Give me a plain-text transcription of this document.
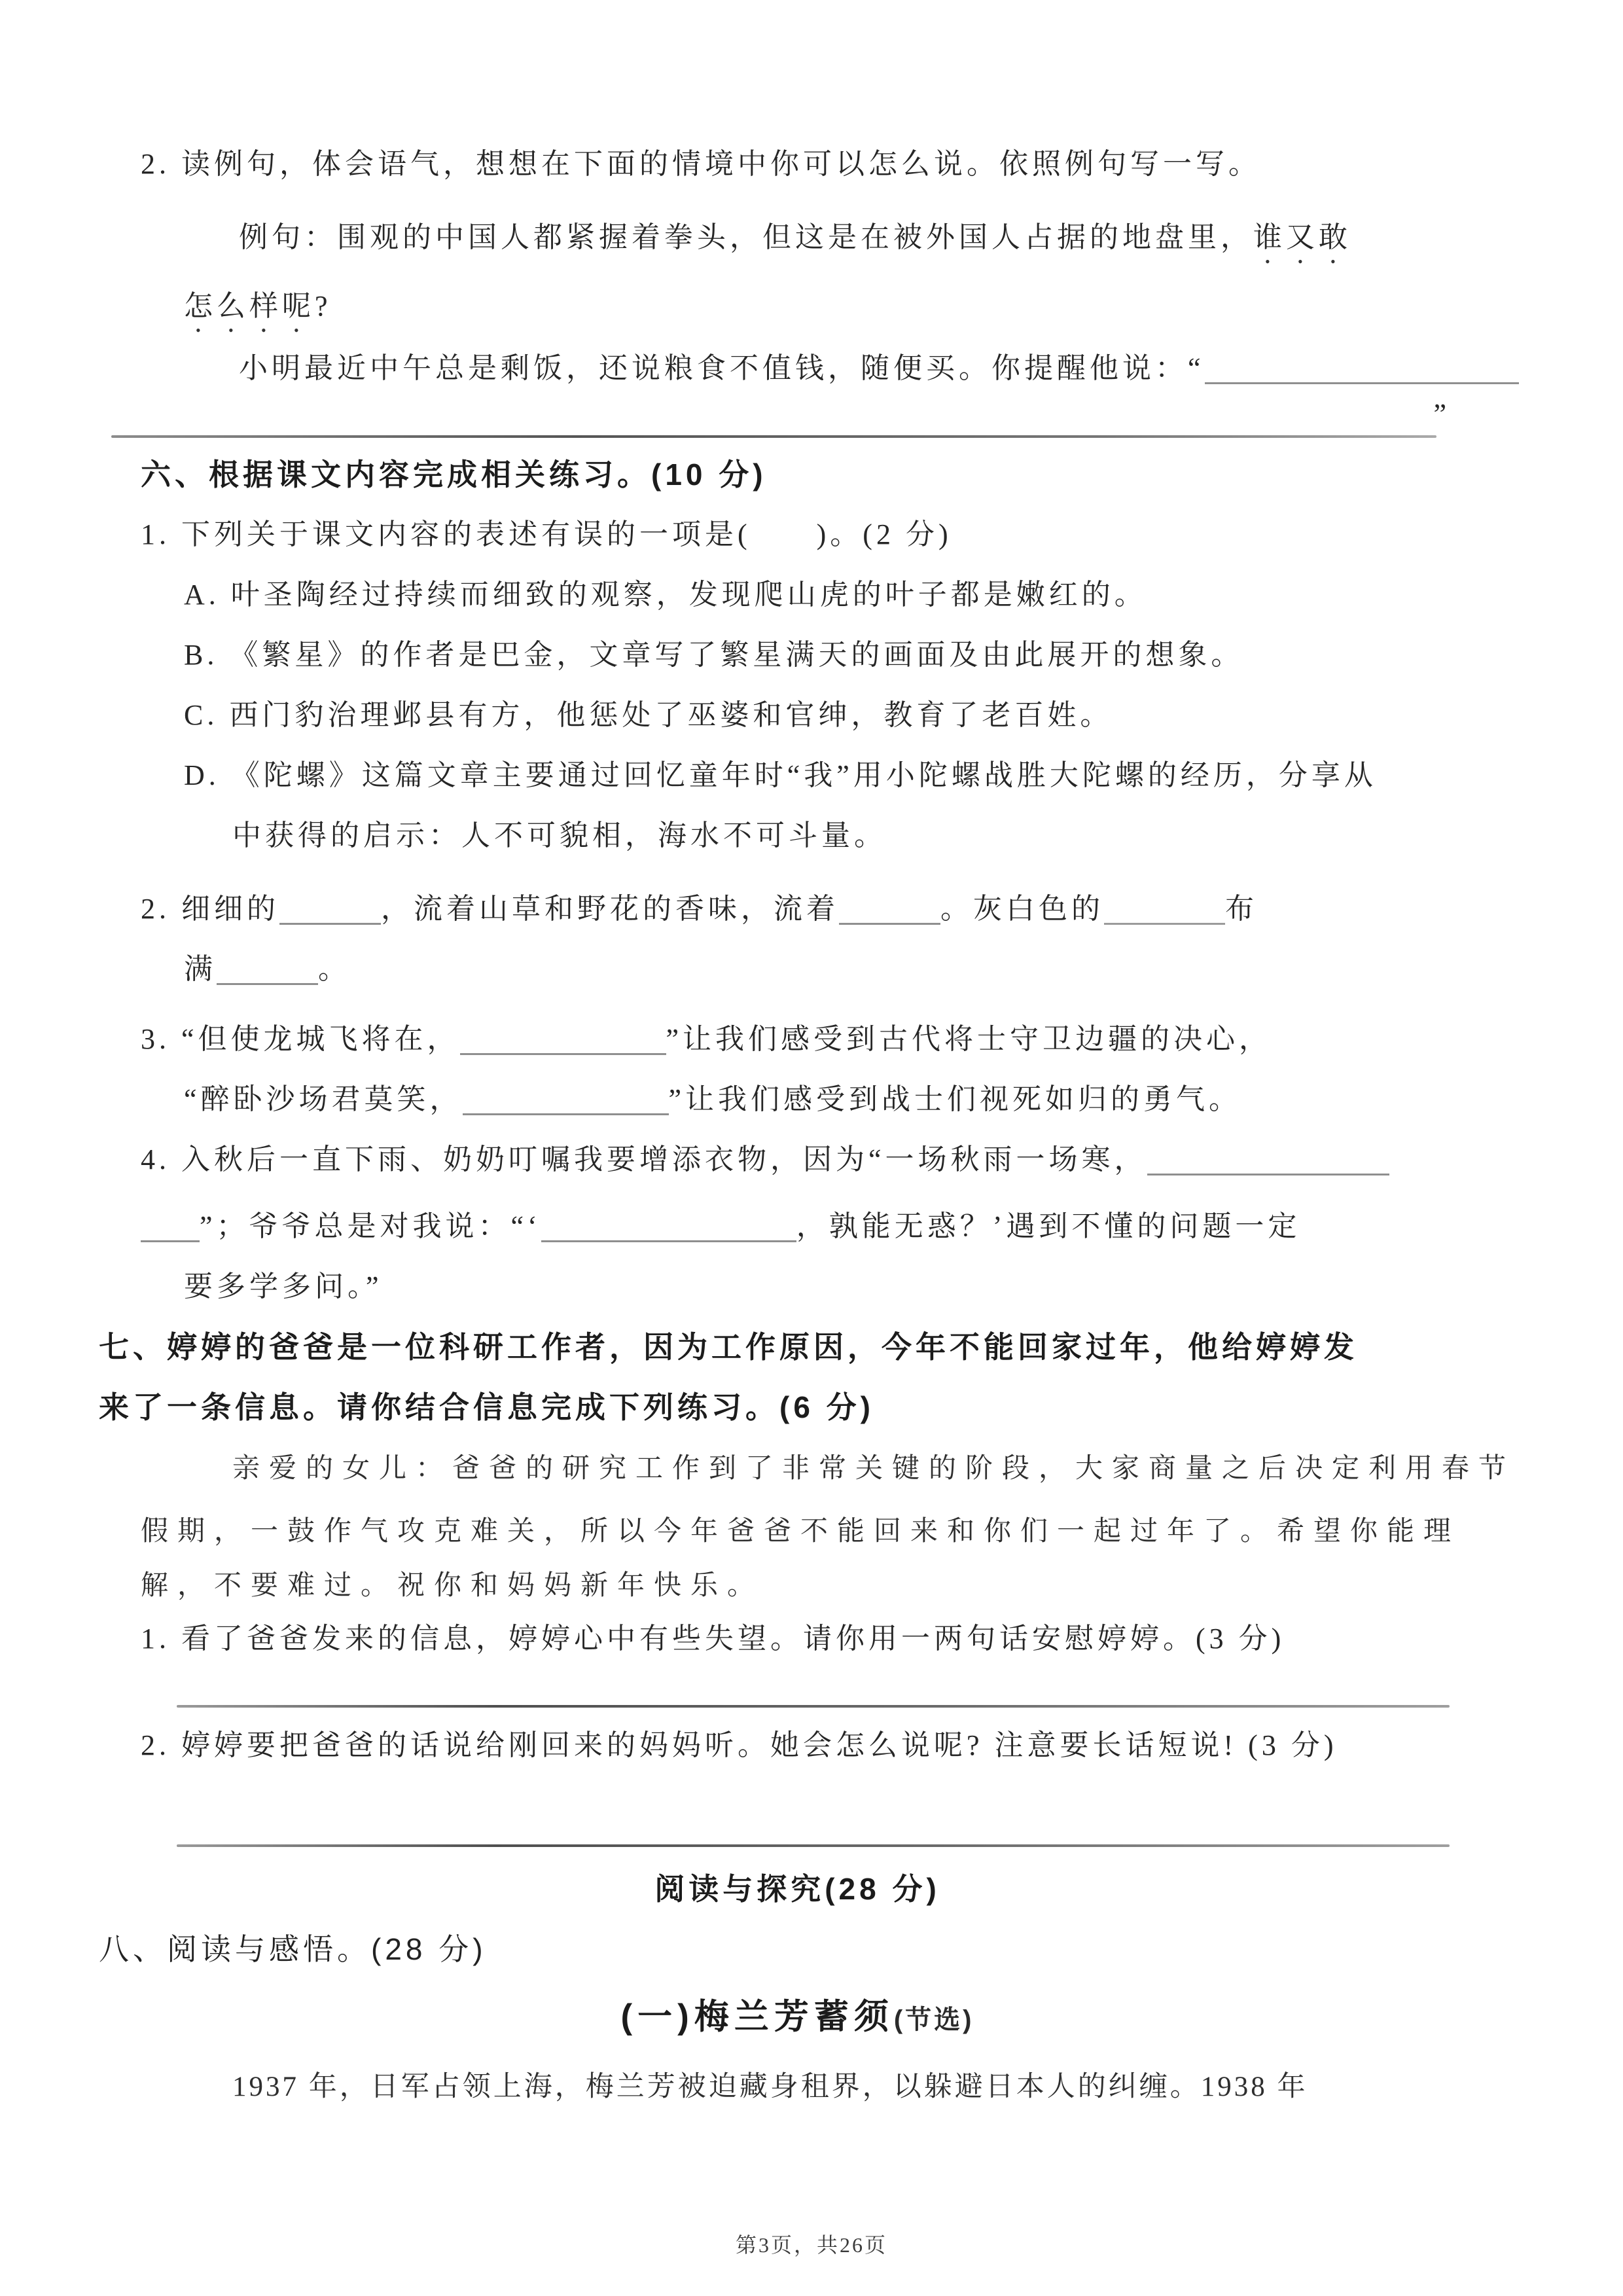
2. 读例句，体会语气，想想在下面的情境中你可以怎么说。依照例句写一写。
例句：围观的中国人都紧握着拳头，但这是在被外国人占据的地盘里，谁又敢
怎么样呢?
小明最近中午总是剩饭，还说粮食不值钱，随便买。你提醒他说：“
”
六、根据课文内容完成相关练习。(10 分)
1. 下列关于课文内容的表述有误的一项是(　　)。(2 分)
A. 叶圣陶经过持续而细致的观察，发现爬山虎的叶子都是嫩红的。
B. 《繁星》的作者是巴金，文章写了繁星满天的画面及由此展开的想象。
C. 西门豹治理邺县有方，他惩处了巫婆和官绅，教育了老百姓。
D. 《陀螺》这篇文章主要通过回忆童年时“我”用小陀螺战胜大陀螺的经历，分享从
中获得的启示：人不可貌相，海水不可斗量。
2. 细细的	，流着山草和野花的香味，流着	。灰白色的	布
满	。
3. “但使龙城飞将在，	”让我们感受到古代将士守卫边疆的决心，
“醉卧沙场君莫笑，	”让我们感受到战士们视死如归的勇气。
4. 入秋后一直下雨、奶奶叮嘱我要增添衣物，因为“一场秋雨一场寒，
”；爷爷总是对我说：“‘	，孰能无惑？’遇到不懂的问题一定
要多学多问。”
七、婷婷的爸爸是一位科研工作者，因为工作原因，今年不能回家过年，他给婷婷发
来了一条信息。请你结合信息完成下列练习。(6 分)
亲爱的女儿：爸爸的研究工作到了非常关键的阶段，大家商量之后决定利用春节
假期，一鼓作气攻克难关，所以今年爸爸不能回来和你们一起过年了。希望你能理
解，不要难过。祝你和妈妈新年快乐。
1. 看了爸爸发来的信息，婷婷心中有些失望。请你用一两句话安慰婷婷。(3 分)
2. 婷婷要把爸爸的话说给刚回来的妈妈听。她会怎么说呢? 注意要长话短说! (3 分)
阅读与探究(28 分)
八、阅读与感悟。(28 分)
(一)梅兰芳蓄须(节选)
1937 年，日军占领上海，梅兰芳被迫藏身租界，以躲避日本人的纠缠。1938 年
第3页，共26页
